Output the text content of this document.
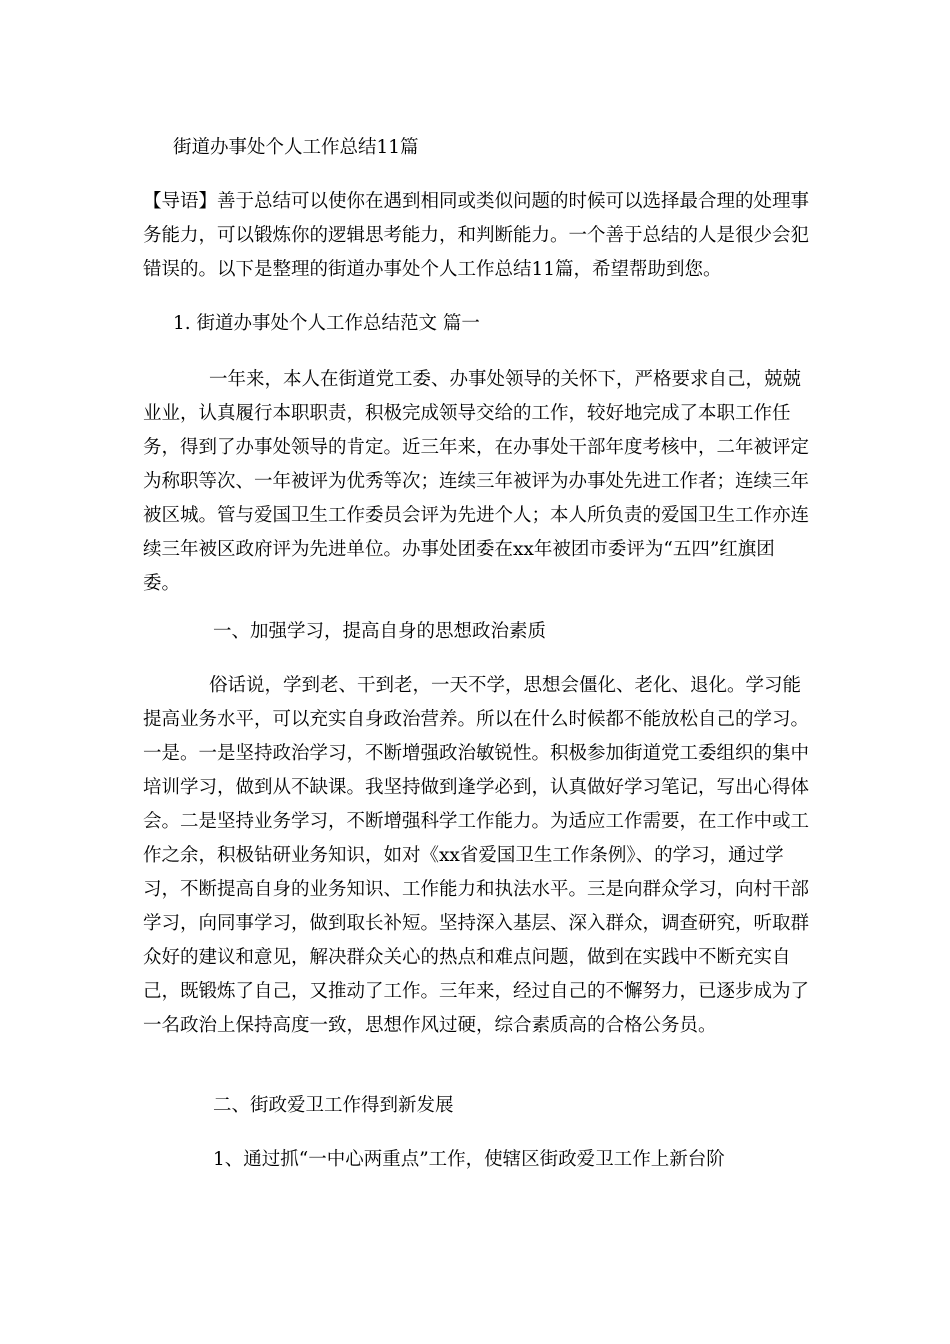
街道办事处个人工作总结11篇

【导语】善于总结可以使你在遇到相同或类似问题的时候可以选择最合理的处理事务能力，可以锻炼你的逻辑思考能力，和判断能力。一个善于总结的人是很少会犯错误的。以下是整理的街道办事处个人工作总结11篇，希望帮助到您。

1. 街道办事处个人工作总结范文 篇一

一年来，本人在街道党工委、办事处领导的关怀下，严格要求自己，兢兢业业，认真履行本职职责，积极完成领导交给的工作，较好地完成了本职工作任务，得到了办事处领导的肯定。近三年来，在办事处干部年度考核中，二年被评定为称职等次、一年被评为优秀等次；连续三年被评为办事处先进工作者；连续三年被区城。管与爱国卫生工作委员会评为先进个人；本人所负责的爱国卫生工作亦连续三年被区政府评为先进单位。办事处团委在xx年被团市委评为“五四”红旗团委。

一、加强学习，提高自身的思想政治素质

俗话说，学到老、干到老，一天不学，思想会僵化、老化、退化。学习能提高业务水平，可以充实自身政治营养。所以在什么时候都不能放松自己的学习。一是。一是坚持政治学习，不断增强政治敏锐性。积极参加街道党工委组织的集中培训学习，做到从不缺课。我坚持做到逢学必到，认真做好学习笔记，写出心得体会。二是坚持业务学习，不断增强科学工作能力。为适应工作需要，在工作中或工作之余，积极钻研业务知识，如对《xx省爱国卫生工作条例》、的学习，通过学习，不断提高自身的业务知识、工作能力和执法水平。三是向群众学习，向村干部学习，向同事学习，做到取长补短。坚持深入基层、深入群众，调查研究，听取群众好的建议和意见，解决群众关心的热点和难点问题，做到在实践中不断充实自己，既锻炼了自己，又推动了工作。三年来，经过自己的不懈努力，已逐步成为了一名政治上保持高度一致，思想作风过硬，综合素质高的合格公务员。

二、街政爱卫工作得到新发展

1、通过抓“一中心两重点”工作，使辖区街政爱卫工作上新台阶
